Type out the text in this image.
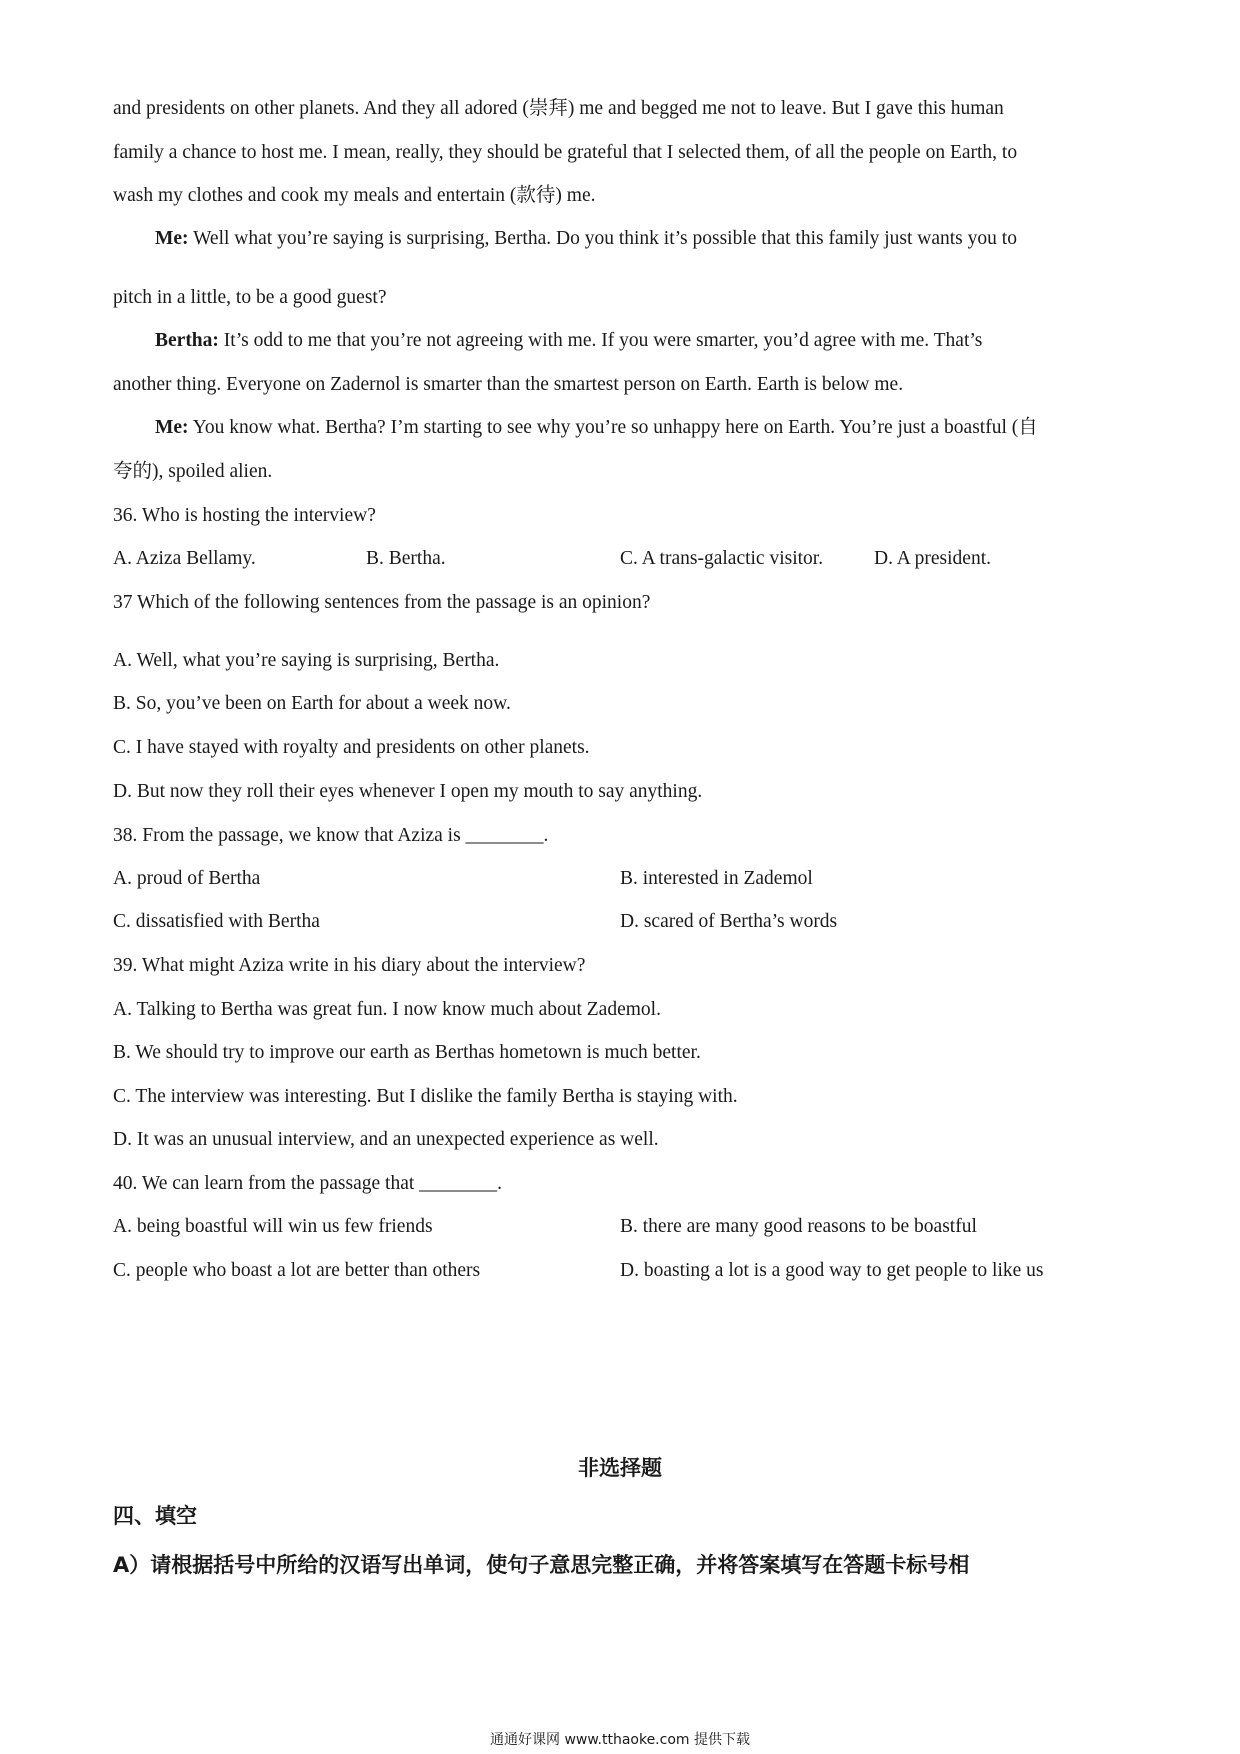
and presidents on other planets. And they all adored (崇拜) me and begged me not to leave. But I gave this human
family a chance to host me. I mean, really, they should be grateful that I selected them, of all the people on Earth, to
wash my clothes and cook my meals and entertain (款待) me.
Me: Well what you’re saying is surprising, Bertha. Do you think it’s possible that this family just wants you to
pitch in a little, to be a good guest?
Bertha: It’s odd to me that you’re not agreeing with me. If you were smarter, you’d agree with me. That’s
another thing. Everyone on Zadernol is smarter than the smartest person on Earth. Earth is below me.
Me: You know what. Bertha? I’m starting to see why you’re so unhappy here on Earth. You’re just a boastful (自
夸的), spoiled alien.
36. Who is hosting the interview?
A. Aziza Bellamy.	B. Bertha.	C. A trans-galactic visitor.	D. A president.
37 Which of the following sentences from the passage is an opinion?
A. Well, what you’re saying is surprising, Bertha.
B. So, you’ve been on Earth for about a week now.
C. I have stayed with royalty and presidents on other planets.
D. But now they roll their eyes whenever I open my mouth to say anything.
38. From the passage, we know that Aziza is ________.
A. proud of Bertha	B. interested in Zademol
C. dissatisfied with Bertha	D. scared of Bertha’s words
39. What might Aziza write in his diary about the interview?
A. Talking to Bertha was great fun. I now know much about Zademol.
B. We should try to improve our earth as Berthas hometown is much better.
C. The interview was interesting. But I dislike the family Bertha is staying with.
D. It was an unusual interview, and an unexpected experience as well.
40. We can learn from the passage that ________.
A. being boastful will win us few friends	B. there are many good reasons to be boastful
C. people who boast a lot are better than others	D. boasting a lot is a good way to get people to like us
非选择题
四、填空
A）请根据括号中所给的汉语写出单词，使句子意思完整正确，并将答案填写在答题卡标号相
通通好课网 www.tthaoke.com 提供下载
